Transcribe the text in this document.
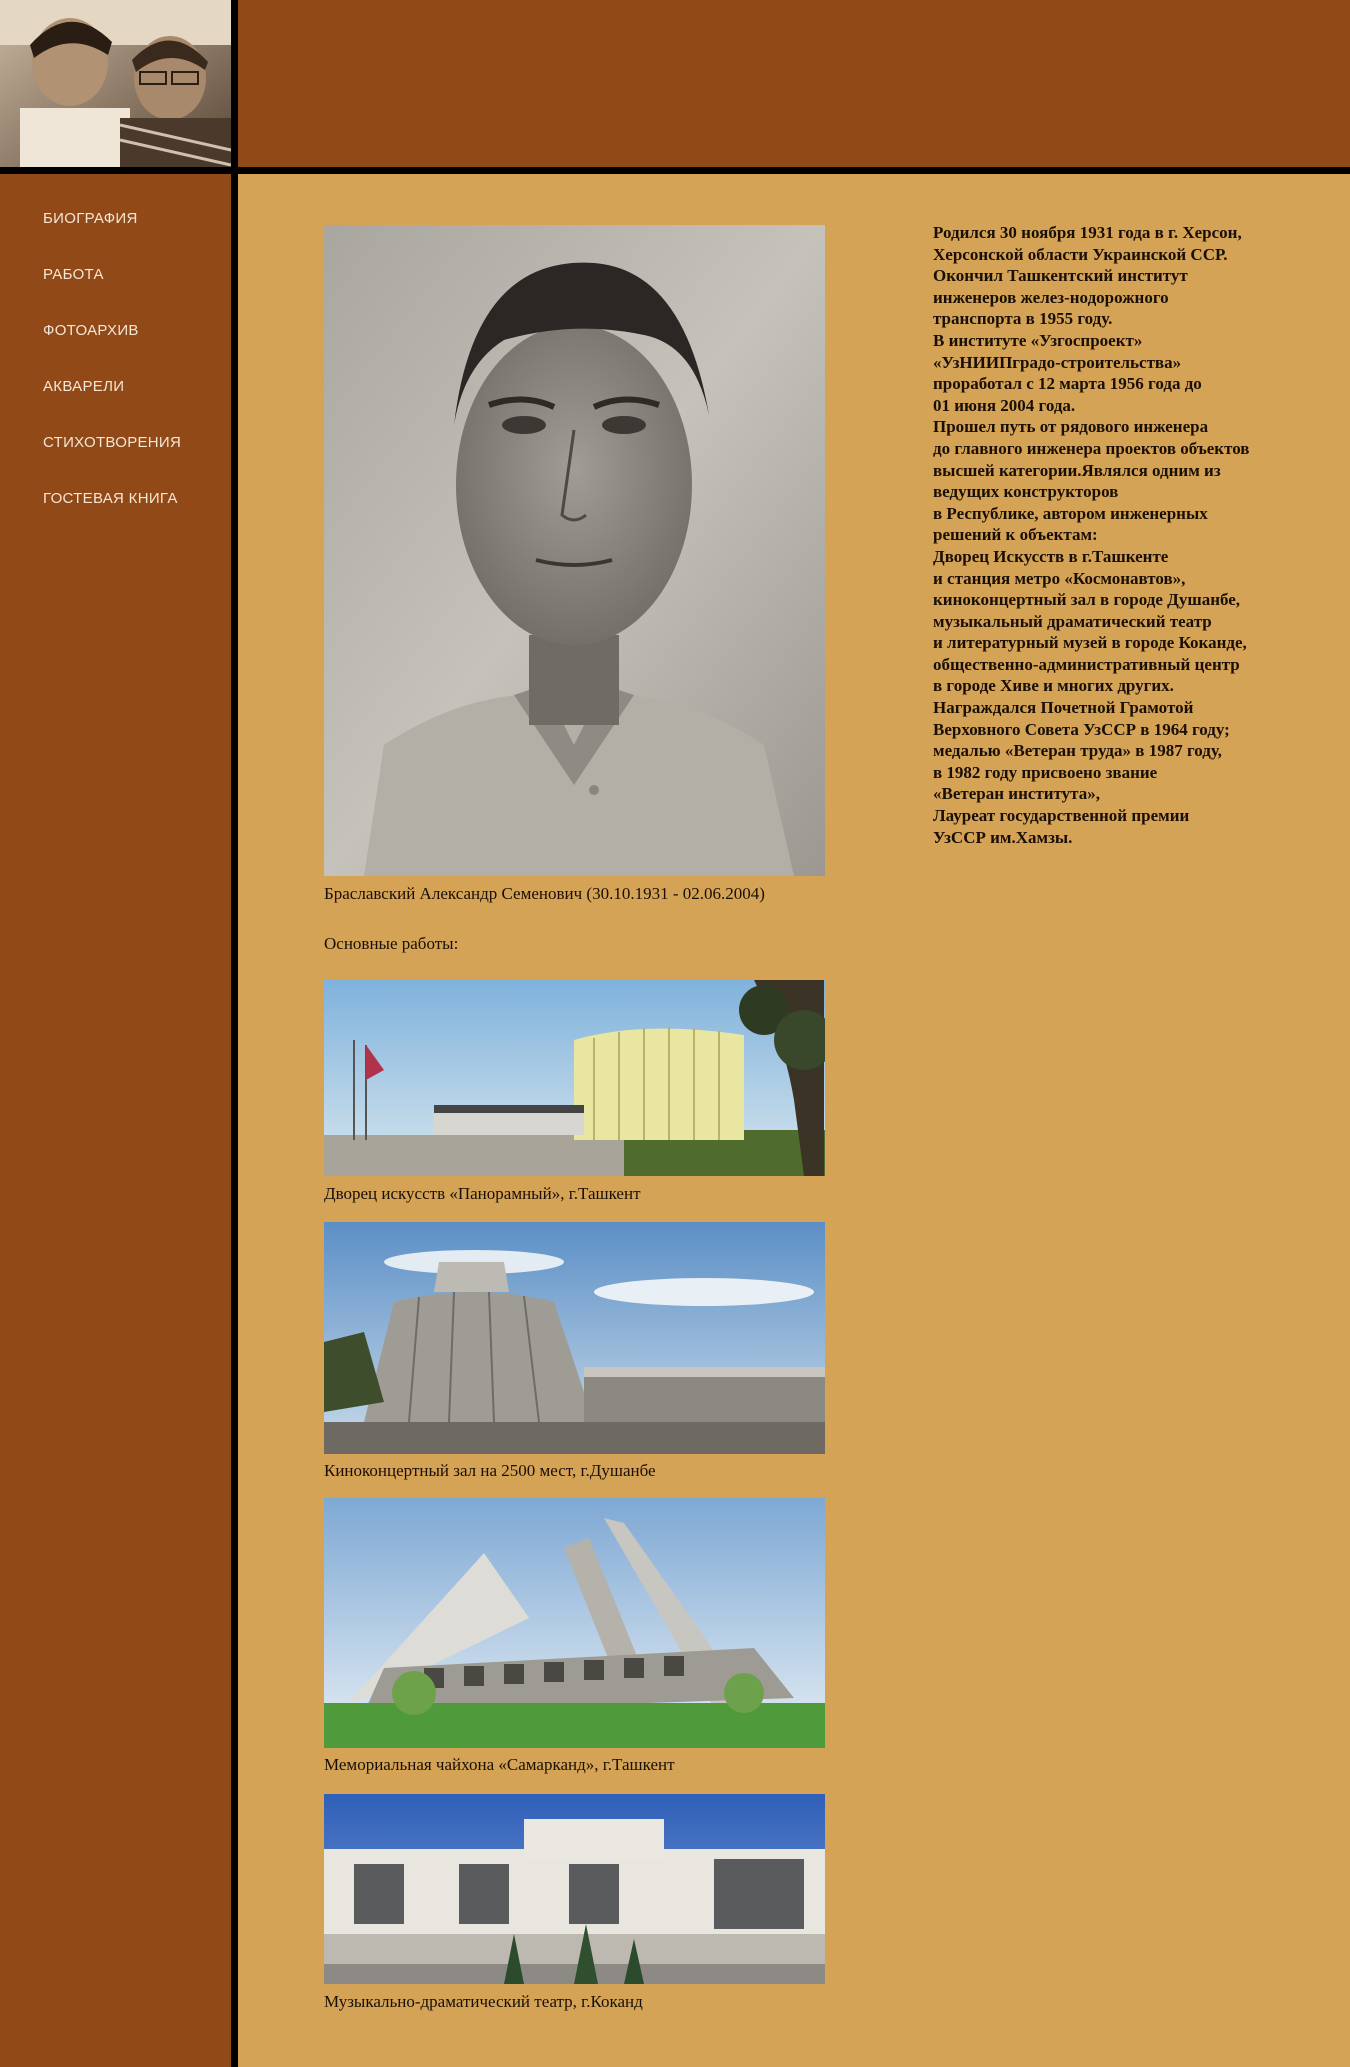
БИОГРАФИЯ
РАБОТА
ФОТОАРХИВ
АКВАРЕЛИ
СТИХОТВОРЕНИЯ
ГОСТЕВАЯ КНИГА
Браславский Александр Семенович (30.10.1931 - 02.06.2004)
Основные работы:
Дворец искусств «Панорамный», г.Ташкент
Киноконцертный зал на 2500 мест, г.Душанбе
Мемориальная чайхона «Самарканд», г.Ташкент
Музыкально-драматический театр, г.Коканд
Родился 30 ноября 1931 года в г. Херсон,
Херсонской области Украинской ССР.
Окончил Ташкентский институт
инженеров желез-нодорожного
транспорта в 1955 году.
В институте «Узгоспроект»
«УзНИИПградо-строительства»
проработал с 12 марта 1956 года до
01 июня 2004 года.
Прошел путь от рядового инженера
до главного инженера проектов объектов
высшей категории.Являлся одним из
ведущих конструкторов
в Республике, автором инженерных
решений к объектам:
Дворец Искусств в г.Ташкенте
и станция метро «Космонавтов»,
киноконцертный зал в городе Душанбе,
музыкальный драматический театр
и литературный музей в городе Коканде,
общественно-административный центр
в городе Хиве и многих других.
Награждался Почетной Грамотой
Верховного Совета УзССР в 1964 году;
медалью «Ветеран труда» в 1987 году,
в 1982 году присвоено звание
«Ветеран института»,
Лауреат государственной премии
УзССР им.Хамзы.
